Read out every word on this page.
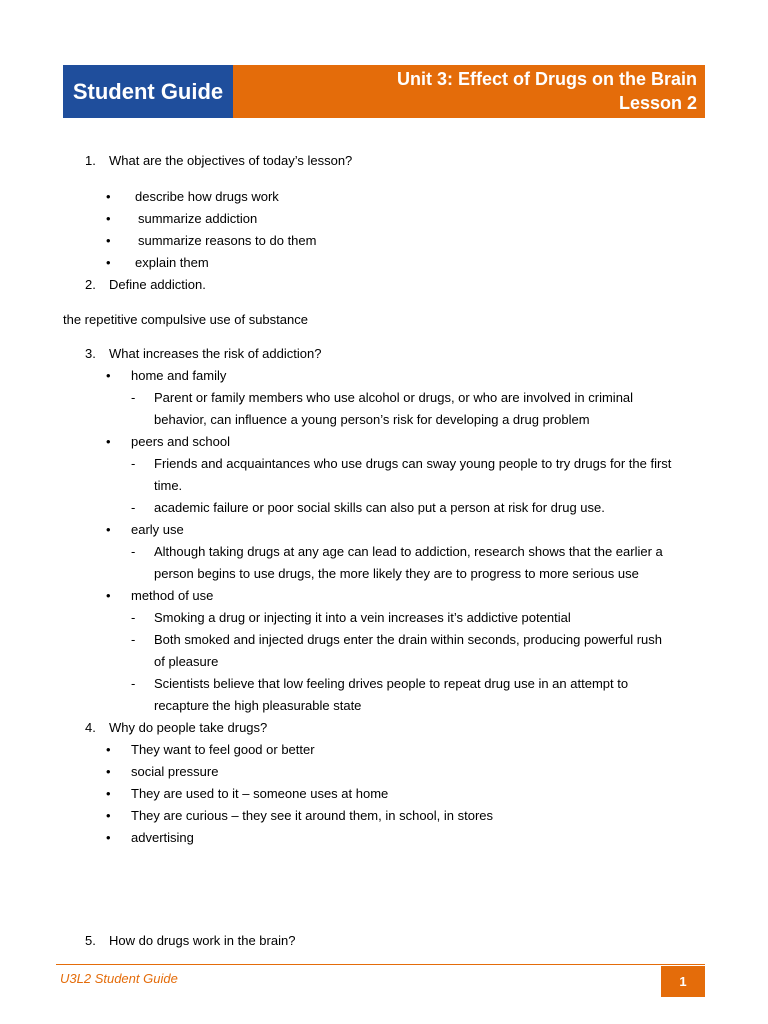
Student Guide	Unit 3: Effect of Drugs on the Brain
Lesson 2
1. What are the objectives of today’s lesson?
• describe how drugs work
• summarize addiction
• summarize reasons to do them
• explain them
2. Define addiction.
the repetitive compulsive use of substance
3. What increases the risk of addiction?
• home and family
- Parent or family members who use alcohol or drugs, or who are involved in criminal
behavior, can influence a young person’s risk for developing a drug problem
• peers and school
- Friends and acquaintances who use drugs can sway young people to try drugs for the first
time.
- academic failure or poor social skills can also put a person at risk for drug use.
• early use
- Although taking drugs at any age can lead to addiction, research shows that the earlier a
person begins to use drugs, the more likely they are to progress to more serious use
• method of use
- Smoking a drug or injecting it into a vein increases it’s addictive potential
- Both smoked and injected drugs enter the drain within seconds, producing powerful rush
of pleasure
- Scientists believe that low feeling drives people to repeat drug use in an attempt to
recapture the high pleasurable state
4. Why do people take drugs?
• They want to feel good or better
• social pressure
• They are used to it – someone uses at home
• They are curious – they see it around them, in school, in stores
• advertising
5. How do drugs work in the brain?
U3L2 Student Guide	1
